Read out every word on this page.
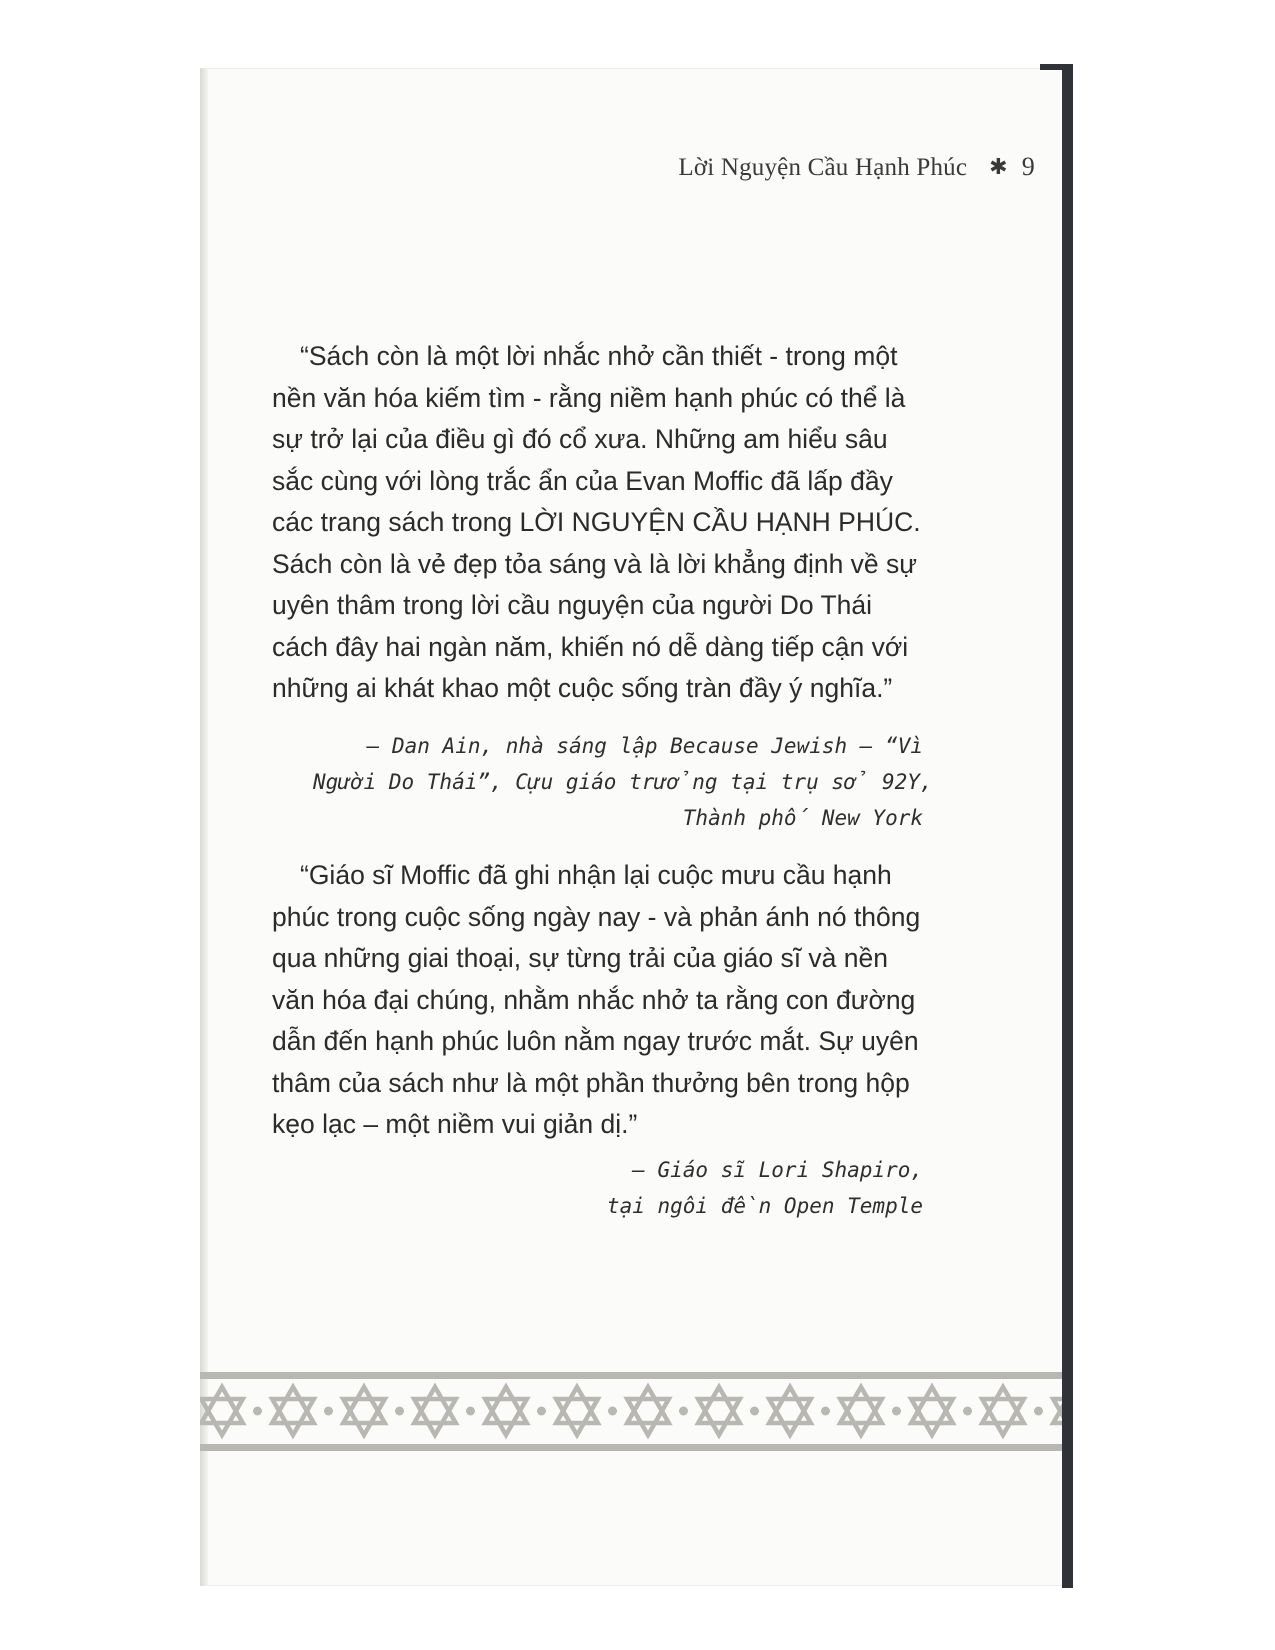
Lời Nguyện Cầu Hạnh Phúc ✱ 9

“Sách còn là một lời nhắc nhở cần thiết - trong một nền văn hóa kiếm tìm - rằng niềm hạnh phúc có thể là sự trở lại của điều gì đó cổ xưa. Những am hiểu sâu sắc cùng với lòng trắc ẩn của Evan Moffic đã lấp đầy các trang sách trong LỜI NGUYỆN CẦU HẠNH PHÚC. Sách còn là vẻ đẹp tỏa sáng và là lời khẳng định về sự uyên thâm trong lời cầu nguyện của người Do Thái cách đây hai ngàn năm, khiến nó dễ dàng tiếp cận với những ai khát khao một cuộc sống tràn đầy ý nghĩa.”

– Dan Ain, nhà sáng lập Because Jewish – “Vì
Người Do Thái”, Cựu giáo trưởng tại trụ sở 92Y,
Thành phố New York

“Giáo sĩ Moffic đã ghi nhận lại cuộc mưu cầu hạnh phúc trong cuộc sống ngày nay - và phản ánh nó thông qua những giai thoại, sự từng trải của giáo sĩ và nền văn hóa đại chúng, nhằm nhắc nhở ta rằng con đường dẫn đến hạnh phúc luôn nằm ngay trước mắt. Sự uyên thâm của sách như là một phần thưởng bên trong hộp kẹo lạc – một niềm vui giản dị.”

– Giáo sĩ Lori Shapiro,
tại ngôi đền Open Temple
